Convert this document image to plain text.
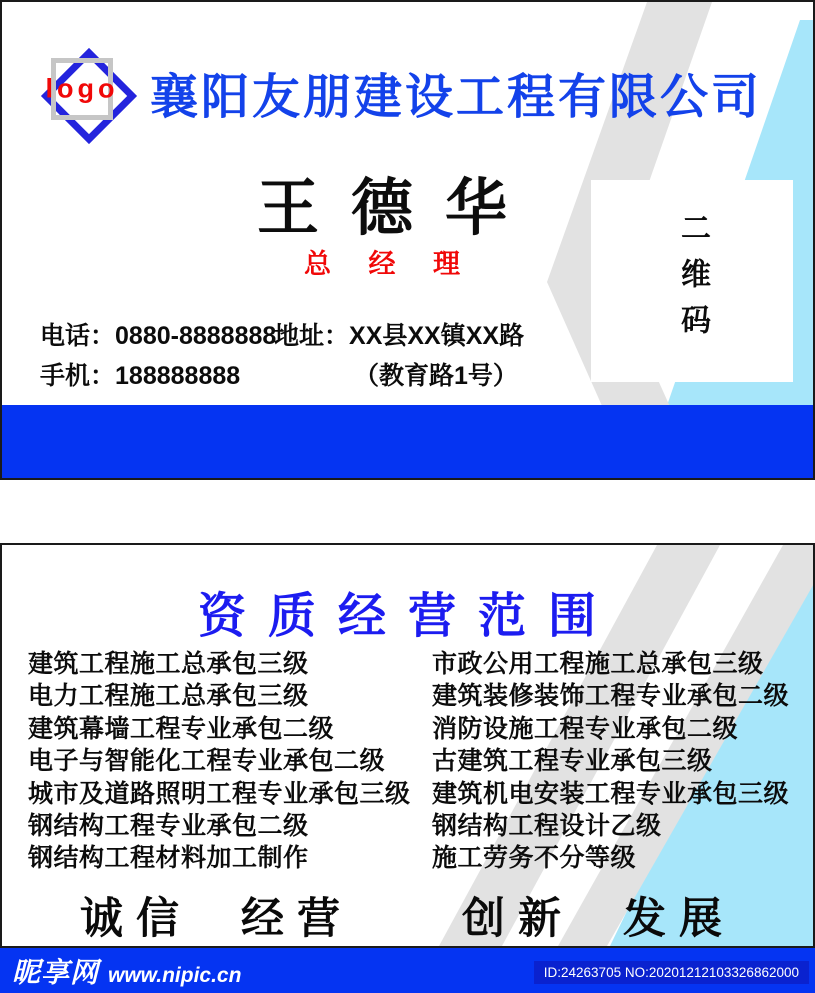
logo 襄阳友朋建设工程有限公司
王德华
总 经 理
电话：0880-8888888
地址：XX县XX镇XX路
手机：188888888	（教育路1号）
二维码
资质经营范围
建筑工程施工总承包三级
电力工程施工总承包三级
建筑幕墙工程专业承包二级
电子与智能化工程专业承包二级
城市及道路照明工程专业承包三级
钢结构工程专业承包二级
钢结构工程材料加工制作
市政公用工程施工总承包三级
建筑装修装饰工程专业承包二级
消防设施工程专业承包二级
古建筑工程专业承包三级
建筑机电安装工程专业承包三级
钢结构工程设计乙级
施工劳务不分等级
诚信 经营	创新 发展
昵享网 www.nipic.cn	ID:24263705 NO:20201212103326862000
